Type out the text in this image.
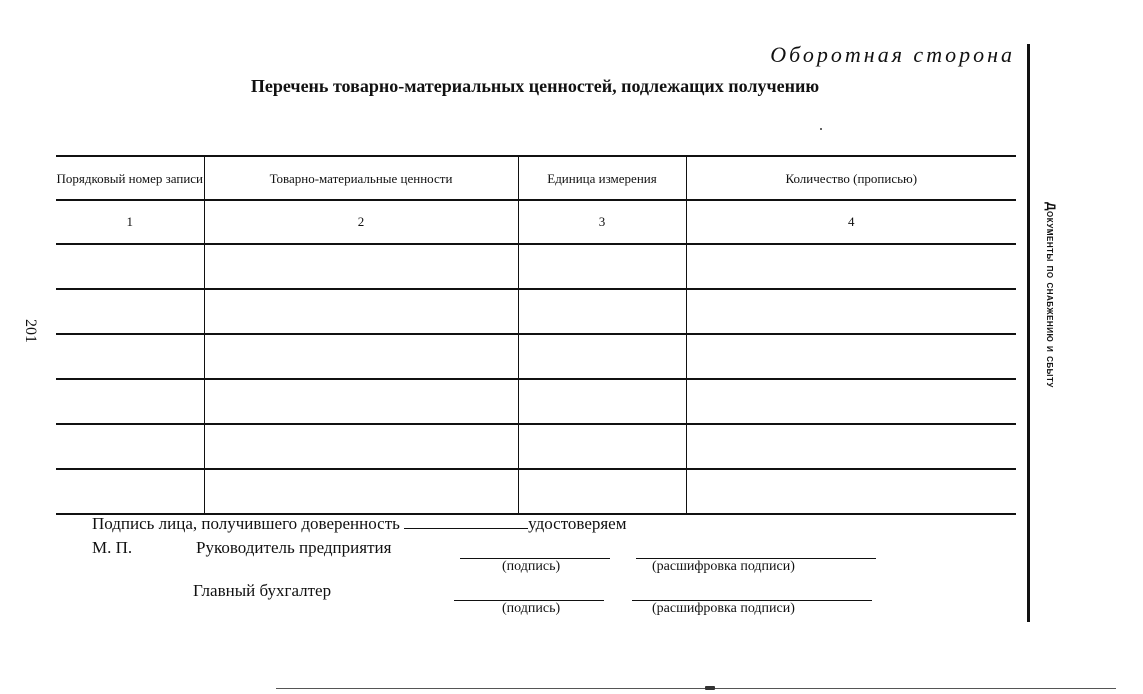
Оборотная сторона
Перечень товарно-материальных ценностей, подлежащих получению
201	Документы по снабжению и сбыту
Порядковый номер записи	Товарно-материальные ценности	Единица измерения	Количество (прописью)
1	2	3	4

Подпись лица, получившего доверенность	удостоверяем
М. П.	Руководитель предприятия
(подпись)	(расшифровка подписи)
Главный бухгалтер
(подпись)	(расшифровка подписи)
